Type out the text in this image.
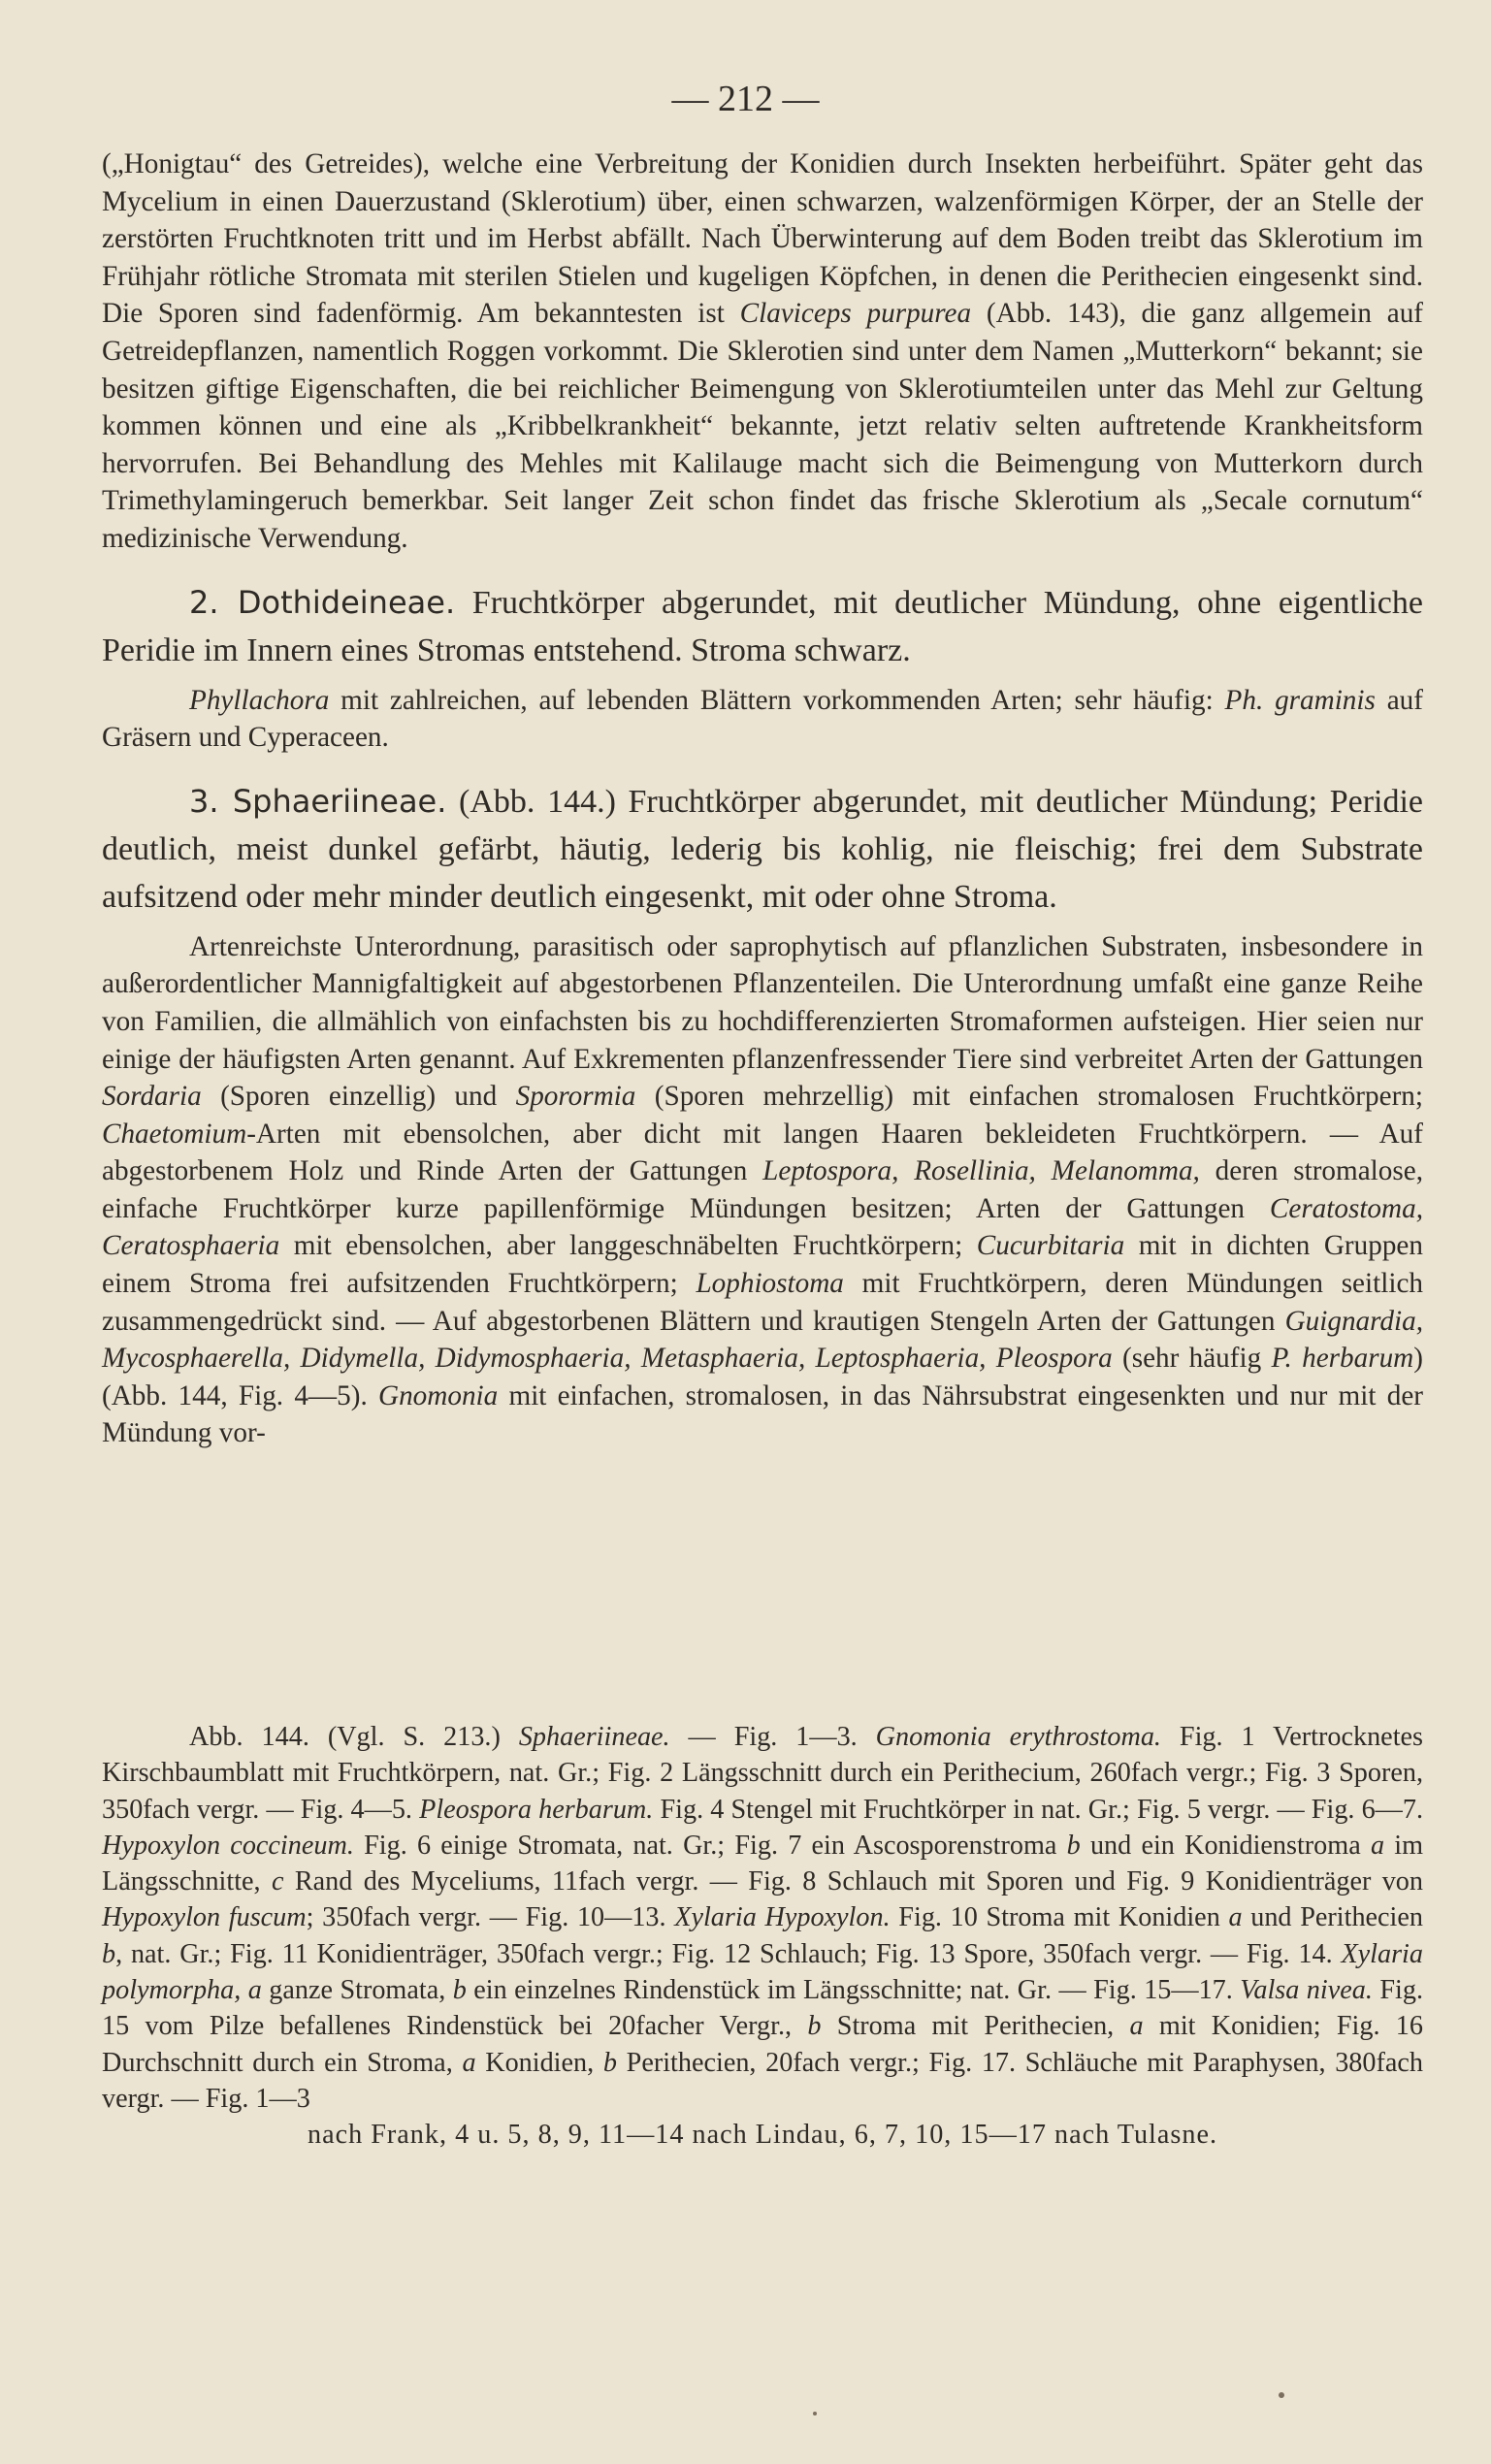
— 212 —

(„Honigtau“ des Getreides), welche eine Verbreitung der Konidien durch Insekten herbeiführt. Später geht das Mycelium in einen Dauerzustand (Sklerotium) über, einen schwarzen, walzenförmigen Körper, der an Stelle der zerstörten Fruchtknoten tritt und im Herbst abfällt. Nach Überwinterung auf dem Boden treibt das Sklerotium im Frühjahr rötliche Stromata mit sterilen Stielen und kugeligen Köpfchen, in denen die Perithecien eingesenkt sind. Die Sporen sind fadenförmig. Am bekanntesten ist Claviceps purpurea (Abb. 143), die ganz allgemein auf Getreidepflanzen, namentlich Roggen vorkommt. Die Sklerotien sind unter dem Namen „Mutterkorn“ bekannt; sie besitzen giftige Eigenschaften, die bei reichlicher Beimengung von Sklerotiumteilen unter das Mehl zur Geltung kommen können und eine als „Kribbelkrankheit“ bekannte, jetzt relativ selten auftretende Krankheitsform hervorrufen. Bei Behandlung des Mehles mit Kalilauge macht sich die Beimengung von Mutterkorn durch Trimethylamingeruch bemerkbar. Seit langer Zeit schon findet das frische Sklerotium als „Secale cornutum“ medizinische Verwendung.

2. Dothideineae. Fruchtkörper abgerundet, mit deutlicher Mündung, ohne eigentliche Peridie im Innern eines Stromas entstehend. Stroma schwarz.

Phyllachora mit zahlreichen, auf lebenden Blättern vorkommenden Arten; sehr häufig: Ph. graminis auf Gräsern und Cyperaceen.

3. Sphaeriineae. (Abb. 144.) Fruchtkörper abgerundet, mit deutlicher Mündung; Peridie deutlich, meist dunkel gefärbt, häutig, lederig bis kohlig, nie fleischig; frei dem Substrate aufsitzend oder mehr minder deutlich eingesenkt, mit oder ohne Stroma.

Artenreichste Unterordnung, parasitisch oder saprophytisch auf pflanzlichen Substraten, insbesondere in außerordentlicher Mannigfaltigkeit auf abgestorbenen Pflanzenteilen. Die Unterordnung umfaßt eine ganze Reihe von Familien, die allmählich von einfachsten bis zu hochdifferenzierten Stromaformen aufsteigen. Hier seien nur einige der häufigsten Arten genannt. Auf Exkrementen pflanzenfressender Tiere sind verbreitet Arten der Gattungen Sordaria (Sporen einzellig) und Sporormia (Sporen mehrzellig) mit einfachen stromalosen Fruchtkörpern; Chaetomium-Arten mit ebensolchen, aber dicht mit langen Haaren bekleideten Fruchtkörpern. — Auf abgestorbenem Holz und Rinde Arten der Gattungen Leptospora, Rosellinia, Melanomma, deren stromalose, einfache Fruchtkörper kurze papillenförmige Mündungen besitzen; Arten der Gattungen Ceratostoma, Ceratosphaeria mit ebensolchen, aber langgeschnäbelten Fruchtkörpern; Cucurbitaria mit in dichten Gruppen einem Stroma frei aufsitzenden Fruchtkörpern; Lophiostoma mit Fruchtkörpern, deren Mündungen seitlich zusammengedrückt sind. — Auf abgestorbenen Blättern und krautigen Stengeln Arten der Gattungen Guignardia, Mycosphaerella, Didymella, Didymosphaeria, Metasphaeria, Leptosphaeria, Pleospora (sehr häufig P. herbarum) (Abb. 144, Fig. 4—5). Gnomonia mit einfachen, stromalosen, in das Nährsubstrat eingesenkten und nur mit der Mündung vor-

Abb. 144. (Vgl. S. 213.) Sphaeriineae. — Fig. 1—3. Gnomonia erythrostoma. Fig. 1 Vertrocknetes Kirschbaumblatt mit Fruchtkörpern, nat. Gr.; Fig. 2 Längsschnitt durch ein Perithecium, 260fach vergr.; Fig. 3 Sporen, 350fach vergr. — Fig. 4—5. Pleospora herbarum. Fig. 4 Stengel mit Fruchtkörper in nat. Gr.; Fig. 5 vergr. — Fig. 6—7. Hypoxylon coccineum. Fig. 6 einige Stromata, nat. Gr.; Fig. 7 ein Ascosporenstroma b und ein Konidienstroma a im Längsschnitte, c Rand des Myceliums, 11fach vergr. — Fig. 8 Schlauch mit Sporen und Fig. 9 Konidienträger von Hypoxylon fuscum; 350fach vergr. — Fig. 10—13. Xylaria Hypoxylon. Fig. 10 Stroma mit Konidien a und Perithecien b, nat. Gr.; Fig. 11 Konidienträger, 350fach vergr.; Fig. 12 Schlauch; Fig. 13 Spore, 350fach vergr. — Fig. 14. Xylaria polymorpha, a ganze Stromata, b ein einzelnes Rindenstück im Längsschnitte; nat. Gr. — Fig. 15—17. Valsa nivea. Fig. 15 vom Pilze befallenes Rindenstück bei 20facher Vergr., b Stroma mit Perithecien, a mit Konidien; Fig. 16 Durchschnitt durch ein Stroma, a Konidien, b Perithecien, 20fach vergr.; Fig. 17. Schläuche mit Paraphysen, 380fach vergr. — Fig. 1—3

nach Frank, 4 u. 5, 8, 9, 11—14 nach Lindau, 6, 7, 10, 15—17 nach Tulasne.
